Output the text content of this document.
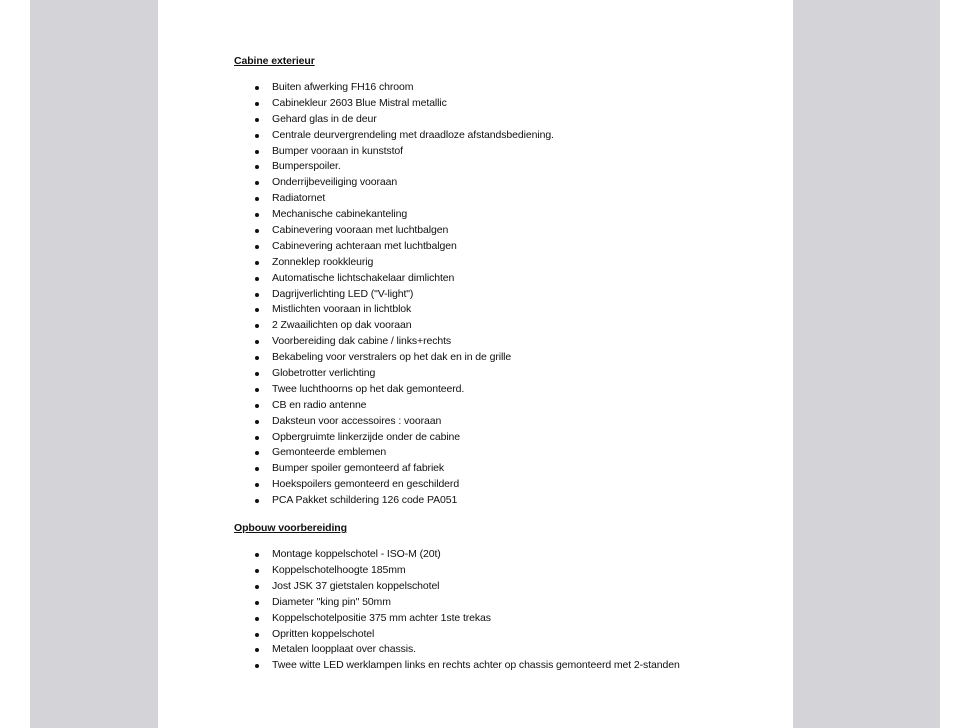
Cabine exterieur

Buiten afwerking FH16 chroom
Cabinekleur 2603 Blue Mistral metallic
Gehard glas in de deur
Centrale deurvergrendeling met draadloze afstandsbediening.
Bumper vooraan in kunststof
Bumperspoiler.
Onderrijbeveiliging vooraan
Radiatornet
Mechanische cabinekanteling
Cabinevering vooraan met luchtbalgen
Cabinevering achteraan met luchtbalgen
Zonneklep rookkleurig
Automatische lichtschakelaar dimlichten
Dagrijverlichting LED ("V-light")
Mistlichten vooraan in lichtblok
2 Zwaailichten op dak vooraan
Voorbereiding dak cabine / links+rechts
Bekabeling voor verstralers op het dak en in de grille
Globetrotter verlichting
Twee luchthoorns op het dak gemonteerd.
CB en radio antenne
Daksteun voor accessoires : vooraan
Opbergruimte linkerzijde onder de cabine
Gemonteerde emblemen
Bumper spoiler gemonteerd af fabriek
Hoekspoilers gemonteerd en geschilderd
PCA Pakket schildering 126 code PA051

Opbouw voorbereiding

Montage koppelschotel - ISO-M (20t)
Koppelschotelhoogte 185mm
Jost JSK 37 gietstalen koppelschotel
Diameter "king pin" 50mm
Koppelschotelpositie 375 mm achter 1ste trekas
Opritten koppelschotel
Metalen loopplaat over chassis.
Twee witte LED werklampen links en rechts achter op chassis gemonteerd met 2-standen
